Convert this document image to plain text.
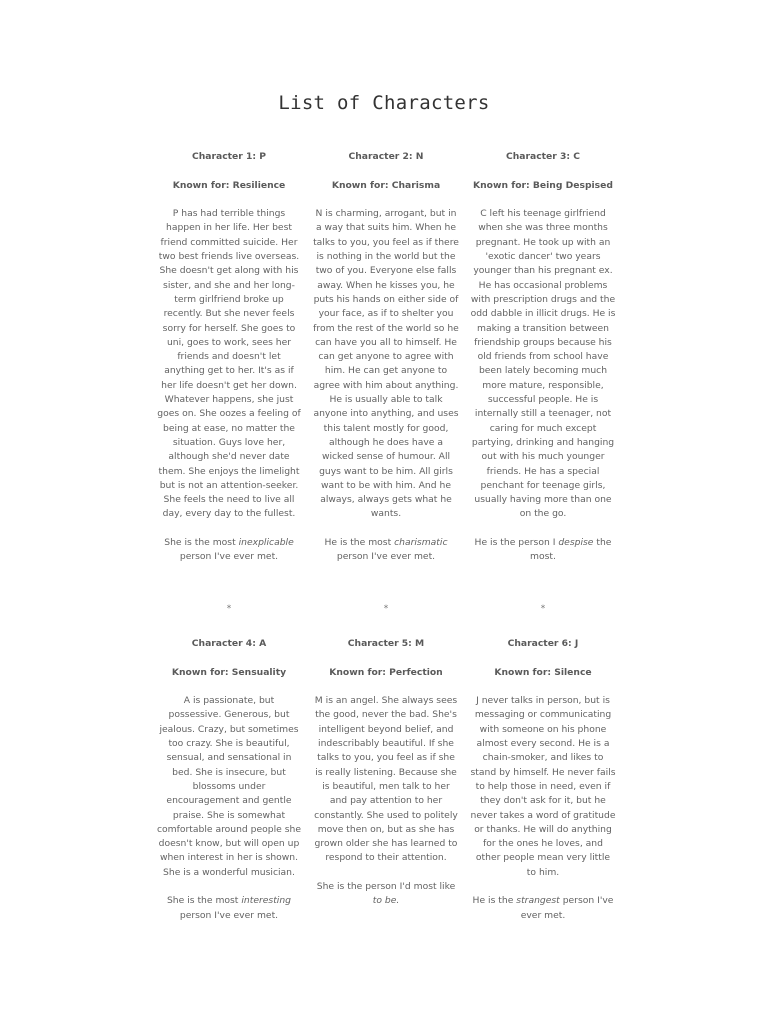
List of Characters
Character 1: P
Known for: Resilience
P has had terrible things happen in her life. Her best friend committed suicide. Her two best friends live overseas. She doesn't get along with his sister, and she and her long-term girlfriend broke up recently. But she never feels sorry for herself. She goes to uni, goes to work, sees her friends and doesn't let anything get to her. It's as if her life doesn't get her down. Whatever happens, she just goes on. She oozes a feeling of being at ease, no matter the situation. Guys love her, although she'd never date them. She enjoys the limelight but is not an attention-seeker. She feels the need to live all day, every day to the fullest.
She is the most inexplicable person I've ever met.
Character 2: N
Known for: Charisma
N is charming, arrogant, but in a way that suits him. When he talks to you, you feel as if there is nothing in the world but the two of you. Everyone else falls away. When he kisses you, he puts his hands on either side of your face, as if to shelter you from the rest of the world so he can have you all to himself. He can get anyone to agree with him. He can get anyone to agree with him about anything. He is usually able to talk anyone into anything, and uses this talent mostly for good, although he does have a wicked sense of humour. All guys want to be him. All girls want to be with him. And he always, always gets what he wants.
He is the most charismatic person I've ever met.
Character 3: C
Known for: Being Despised
C left his teenage girlfriend when she was three months pregnant. He took up with an 'exotic dancer' two years younger than his pregnant ex. He has occasional problems with prescription drugs and the odd dabble in illicit drugs. He is making a transition between friendship groups because his old friends from school have been lately becoming much more mature, responsible, successful people. He is internally still a teenager, not caring for much except partying, drinking and hanging out with his much younger friends. He has a special penchant for teenage girls, usually having more than one on the go.
He is the person I despise the most.
*	*	*
Character 4: A
Known for: Sensuality
A is passionate, but possessive. Generous, but jealous. Crazy, but sometimes too crazy. She is beautiful, sensual, and sensational in bed. She is insecure, but blossoms under encouragement and gentle praise. She is somewhat comfortable around people she doesn't know, but will open up when interest in her is shown. She is a wonderful musician.
She is the most interesting person I've ever met.
Character 5: M
Known for: Perfection
M is an angel. She always sees the good, never the bad. She's intelligent beyond belief, and indescribably beautiful. If she talks to you, you feel as if she is really listening. Because she is beautiful, men talk to her and pay attention to her constantly. She used to politely move then on, but as she has grown older she has learned to respond to their attention.
She is the person I'd most like to be.
Character 6: J
Known for: Silence
J never talks in person, but is messaging or communicating with someone on his phone almost every second. He is a chain-smoker, and likes to stand by himself. He never fails to help those in need, even if they don't ask for it, but he never takes a word of gratitude or thanks. He will do anything for the ones he loves, and other people mean very little to him.
He is the strangest person I've ever met.
